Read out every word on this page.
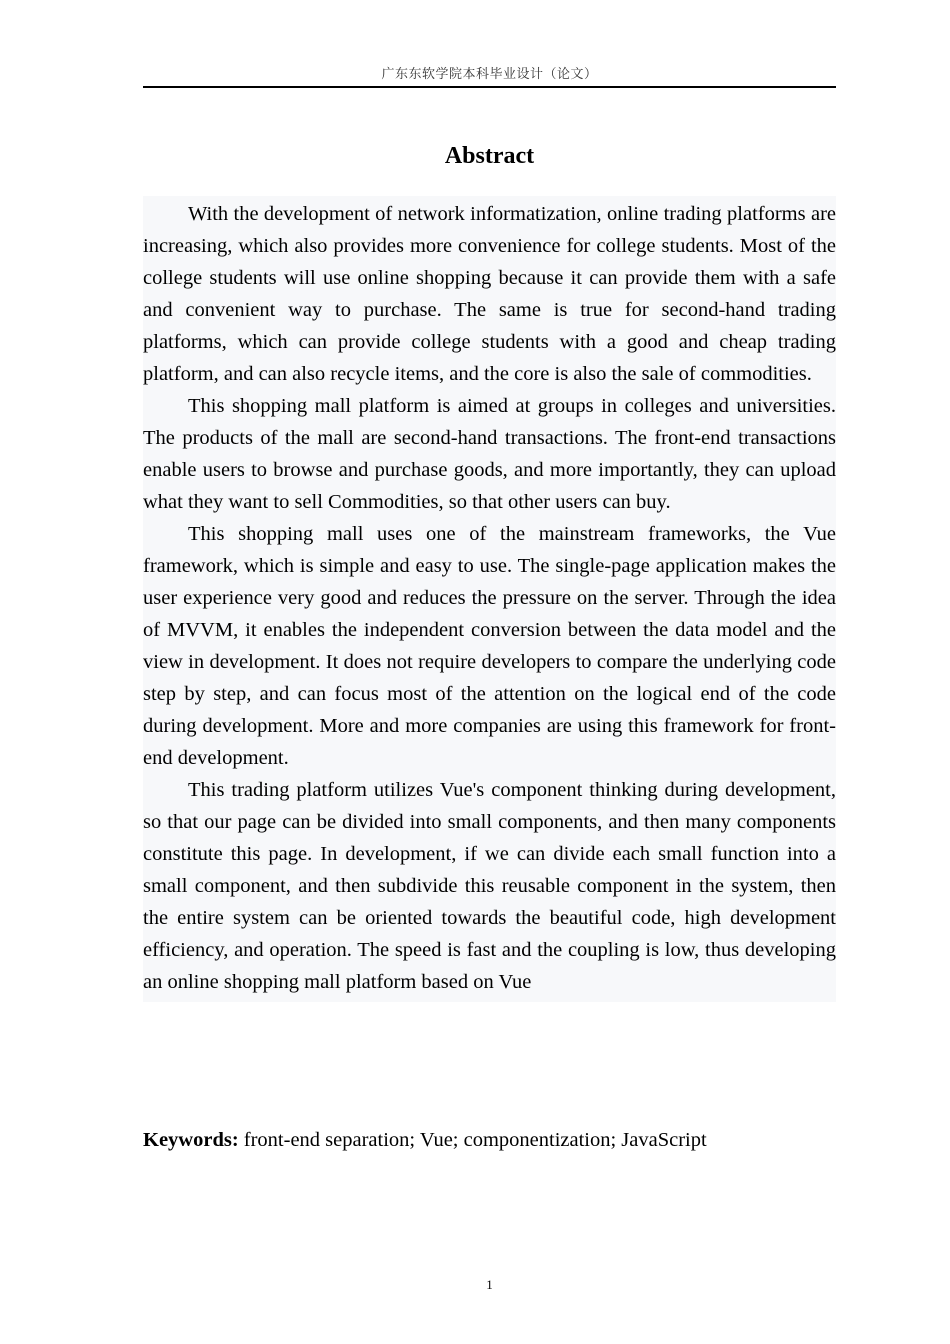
广东东软学院本科毕业设计（论文）
Abstract

With the development of network informatization, online trading platforms are increasing, which also provides more convenience for college students. Most of the college students will use online shopping because it can provide them with a safe and convenient way to purchase. The same is true for second-hand trading platforms, which can provide college students with a good and cheap trading platform, and can also recycle items, and the core is also the sale of commodities.

This shopping mall platform is aimed at groups in colleges and universities. The products of the mall are second-hand transactions. The front-end transactions enable users to browse and purchase goods, and more importantly, they can upload what they want to sell Commodities, so that other users can buy.

This shopping mall uses one of the mainstream frameworks, the Vue framework, which is simple and easy to use. The single-page application makes the user experience very good and reduces the pressure on the server. Through the idea of MVVM, it enables the independent conversion between the data model and the view in development. It does not require developers to compare the underlying code step by step, and can focus most of the attention on the logical end of the code during development. More and more companies are using this framework for front-end development.

This trading platform utilizes Vue's component thinking during development, so that our page can be divided into small components, and then many components constitute this page. In development, if we can divide each small function into a small component, and then subdivide this reusable component in the system, then the entire system can be oriented towards the beautiful code, high development efficiency, and operation. The speed is fast and the coupling is low, thus developing an online shopping mall platform based on Vue

Keywords: front-end separation; Vue; componentization; JavaScript
1
